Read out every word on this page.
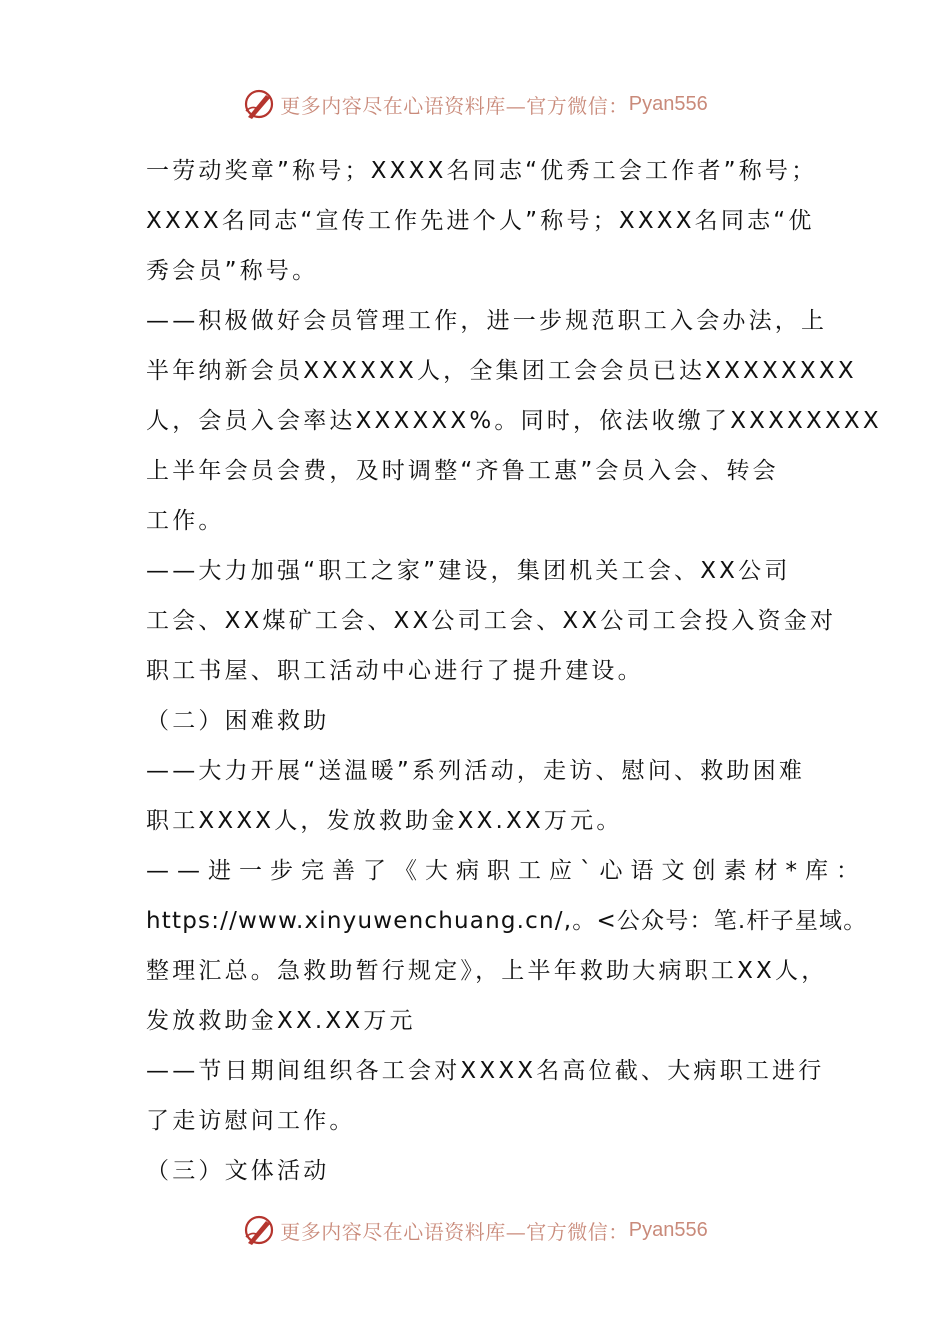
更多内容尽在心语资料库—官方微信： Pyan556
一劳动奖章”称号；XXXX名同志“优秀工会工作者”称号；
XXXX名同志“宣传工作先进个人”称号；XXXX名同志“优
秀会员”称号。
——积极做好会员管理工作，进一步规范职工入会办法，上
半年纳新会员XXXXXX人，全集团工会会员已达XXXXXXXX
人，会员入会率达XXXXXX%。同时，依法收缴了XXXXXXXX
上半年会员会费，及时调整“齐鲁工惠”会员入会、转会
工作。
——大力加强“职工之家”建设，集团机关工会、XX公司
工会、XX煤矿工会、XX公司工会、XX公司工会投入资金对
职工书屋、职工活动中心进行了提升建设。
（二）困难救助
——大力开展“送温暖”系列活动，走访、慰问、救助困难
职工XXXX人，发放救助金XX.XX万元。
——进一步完善了《大病职工应`心语文创素材*库：
https://www.xinyuwenchuang.cn/,。<公众号：笔.杆子星域。
整理汇总。急救助暂行规定》，上半年救助大病职工XX人，
发放救助金XX.XX万元
——节日期间组织各工会对XXXX名高位截、大病职工进行
了走访慰问工作。
（三）文体活动
更多内容尽在心语资料库—官方微信： Pyan556
